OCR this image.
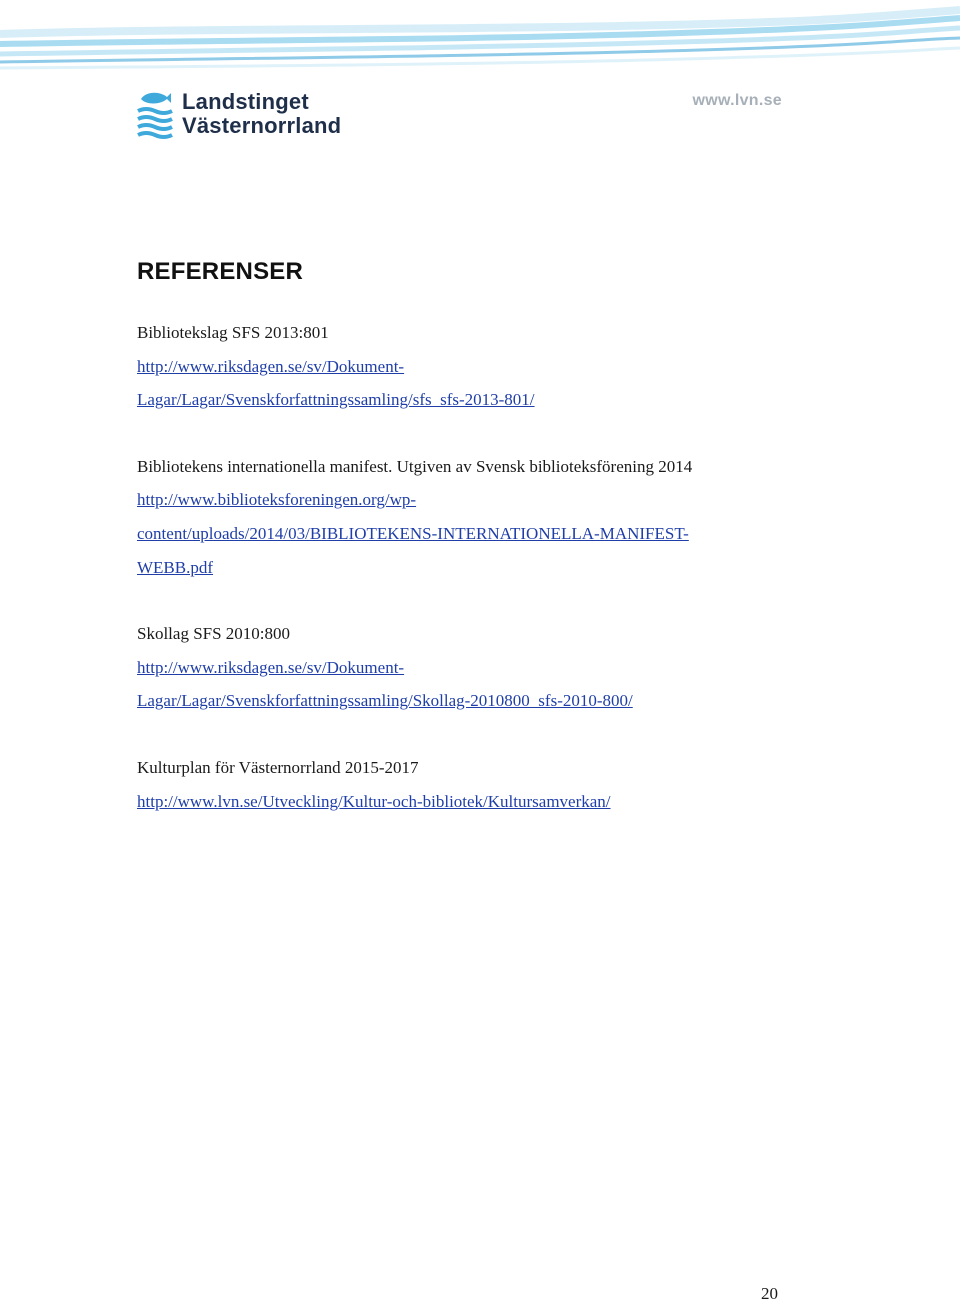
Landstinget
Västernorrland
www.lvn.se
REFERENSER

Bibliotekslag SFS 2013:801

http://www.riksdagen.se/sv/Dokument-
Lagar/Lagar/Svenskforfattningssamling/sfs_sfs-2013-801/

Bibliotekens internationella manifest. Utgiven av Svensk biblioteksförening 2014

http://www.biblioteksforeningen.org/wp-
content/uploads/2014/03/BIBLIOTEKENS-INTERNATIONELLA-MANIFEST-
WEBB.pdf

Skollag SFS 2010:800

http://www.riksdagen.se/sv/Dokument-
Lagar/Lagar/Svenskforfattningssamling/Skollag-2010800_sfs-2010-800/

Kulturplan för Västernorrland 2015-2017

http://www.lvn.se/Utveckling/Kultur-och-bibliotek/Kultursamverkan/
20
